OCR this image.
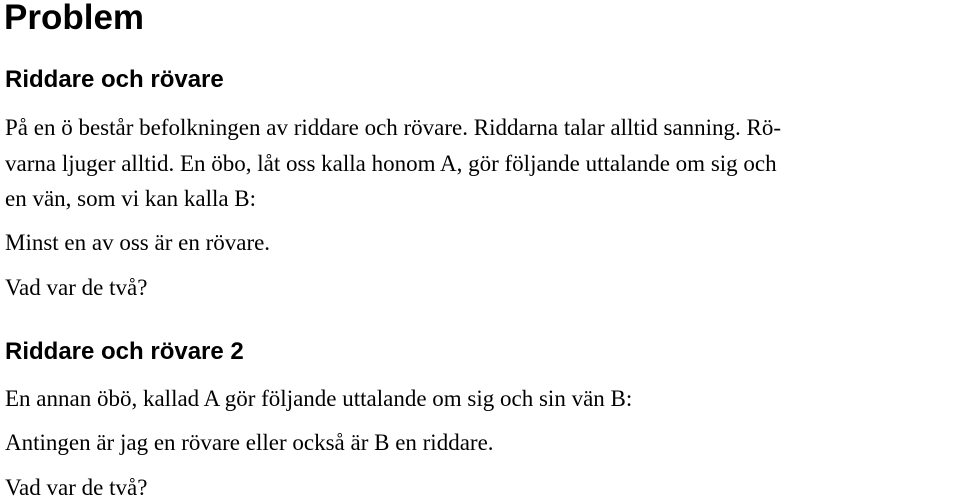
Problem
Riddare och rövare

På en ö består befolkningen av riddare och rövare. Riddarna talar alltid sanning. Rö-

varna ljuger alltid. En öbo, låt oss kalla honom A, gör följande uttalande om sig och

en vän, som vi kan kalla B:

Minst en av oss är en rövare.

Vad var de två?

Riddare och rövare 2

En annan öbö, kallad A gör följande uttalande om sig och sin vän B:

Antingen är jag en rövare eller också är B en riddare.

Vad var de två?
